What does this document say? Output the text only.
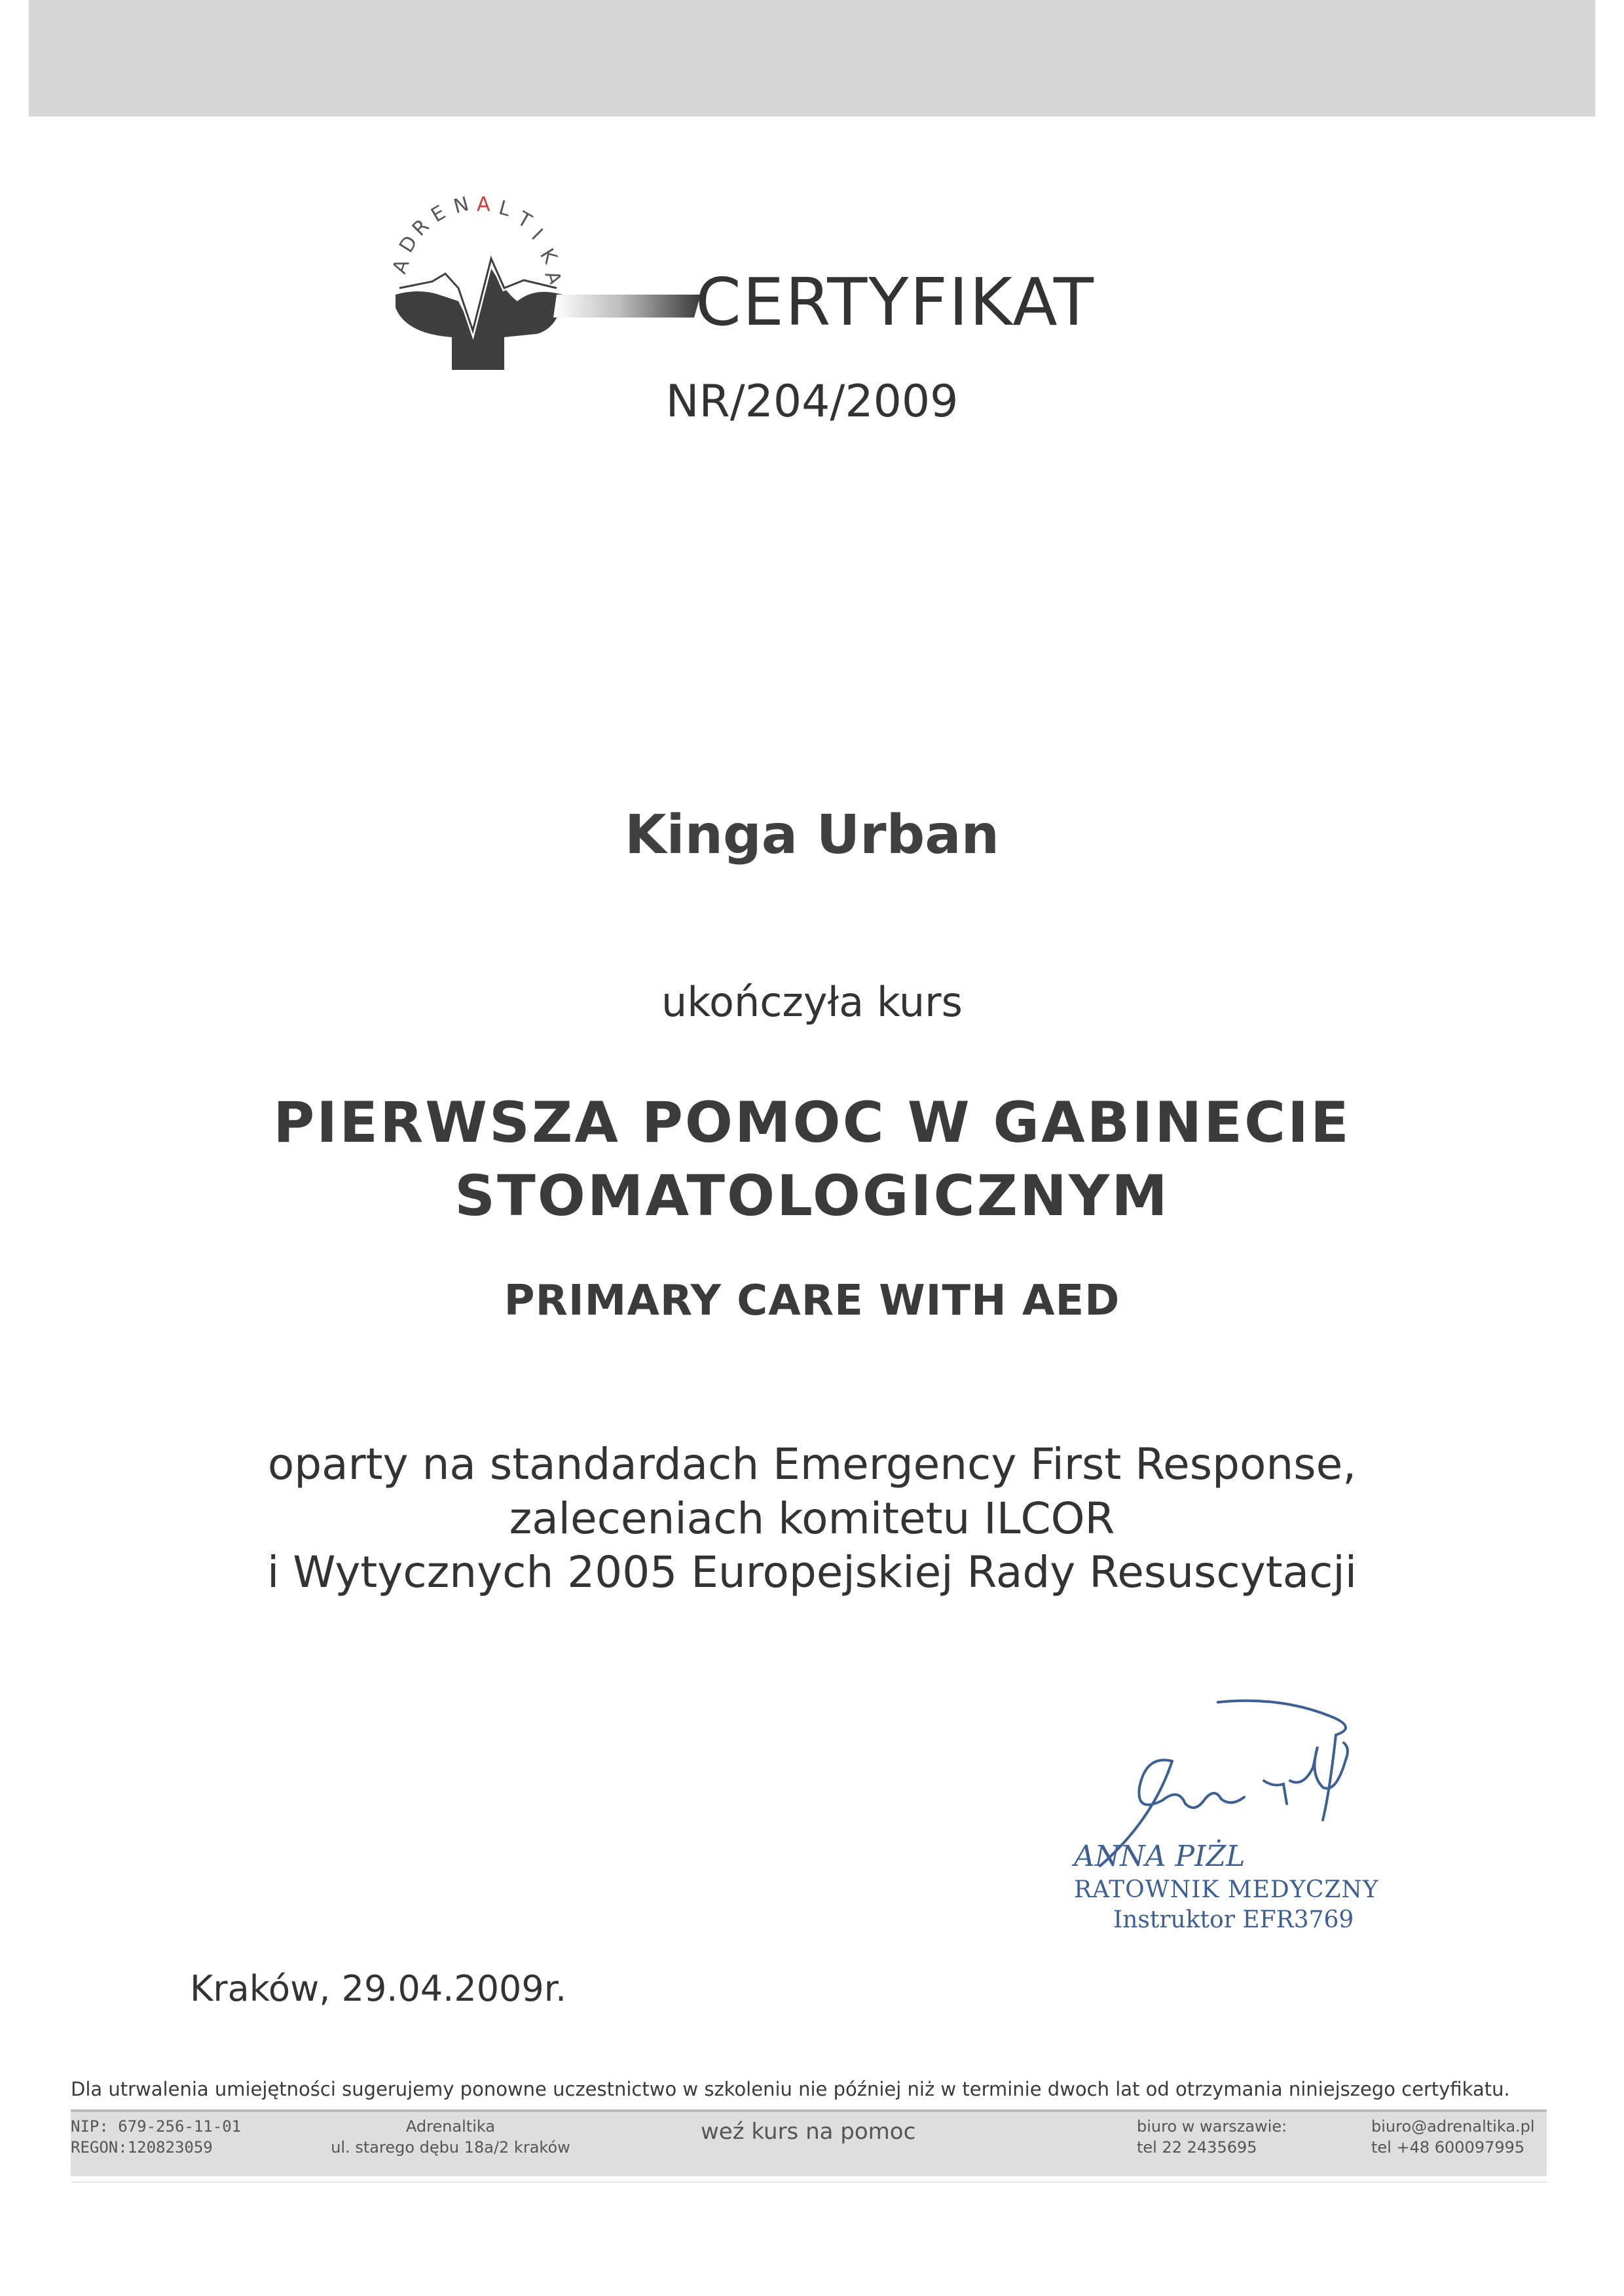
A
D
R
E N A L T
I
K
A CERTYFIKAT
NR/204/2009
Kinga Urban
ukończyła kurs
PIERWSZA POMOC W GABINECIE
STOMATOLOGICZNYM
PRIMARY CARE WITH AED
oparty na standardach Emergency First Response,
zaleceniach komitetu ILCOR
i Wytycznych 2005 Europejskiej Rady Resuscytacji
ANNA PIŻL
RATOWNIK MEDYCZNY
Instruktor EFR3769
Kraków, 29.04.2009r.
Dla utrwalenia umiejętności sugerujemy ponowne uczestnictwo w szkoleniu nie później niż w terminie dwoch lat od otrzymania niniejszego certyfikatu.
NIP: 679-256-11-01
REGON:120823059
Adrenaltika
ul. starego dębu 18a/2 kraków
weź kurs na pomoc	biuro w warszawie:
tel 22 2435695
biuro@adrenaltika.pl
tel +48 600097995
